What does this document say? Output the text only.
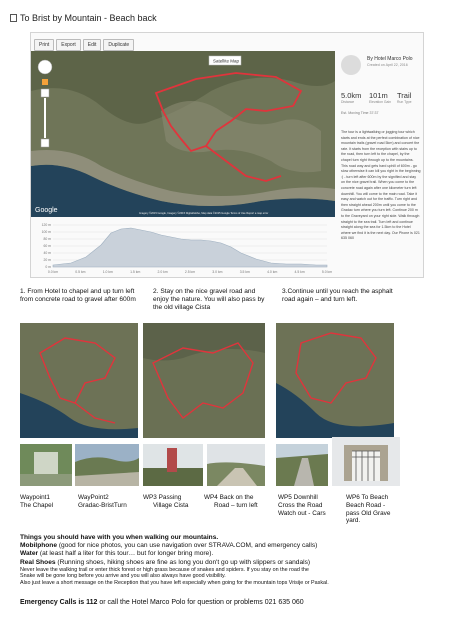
To Brist by Mountain - Beach back
Print	Export	Edit	Duplicate
Satellite Map
Google	Imagery ©2015 Google, Imagery ©2015 DigitalGlobe, Map data ©2015 Google Terms of Use Report a map error
By Hotel Marco Polo
Created on April 22, 2016
5.0km
Distance
101m
Elevation Gain
Trail
Run Type
Est. Moving Time 37:37
The tour is a lightwalking or jogging tour which starts and ends at the perfect combination of nice mountain trails (gravel road 5km) and concert the rate. It starts from the reception with stairs up to the road, then turn left to the chapel, by the chapel turn right through up to the mountains. This road way and gets hard uphill of 600m - go slow otherwise it can kill you right in the beginning :) - turn left after 600m by the signified and stay on the nice gravel trail. When you come to the concrete road again after one kilometer turn left downhill. You will come to the main road. Take it easy and watch out for the traffic. Turn right and then straight ahead 200m until you come to the Gradac turn where you turn left. Continue 200 m to the Graveyard on your right side. Walk through straight to the sea trail. Turn left and continue straight along the sea for 1.5km to the Hotel where we find it is the next day. Our Phone is 021 635 060
120 m
100 m
80 m
60 m
40 m
20 m
0 m
0.0 km	0.5 km	1.0 km	1.5 km	2.0 km	2.5 km	3.0 km	3.5 km	4.0 km	4.5 km	5.0 km
1. From Hotel to chapel and up turn left from concrete road to gravel after 600m
2. Stay on the nice gravel road and enjoy the nature. You will also pass by the old village Cista
3.Continue until you reach the asphalt road again – and turn left.
Waypoint1
The Chapel
WayPoint2
Gradac-BristTurn
WP3 Passing
Village Cista
WP4 Back on the
Road – turn left
WP5 Downhill
Cross the Road
Watch out - Cars
WP6 To Beach
Beach Road -
pass Old Grave
yard.
Things you should have with you when walking our mountains.
Mobilphone (good for nice photos, you can use navigation over STRAVA.COM, and emergency calls)
Water (at least half a liter for this tour… but for longer bring more).
Real Shoes (Running shoes, hiking shoes are fine as long you don't go up with slippers or sandals)
Never leave the walking trail or enter thick forest or high grass because of snakes and spiders. If you stay on the road the
Snake will be gone long before you arrive and you will also always have good visibility.
Also just leave a short message on the Reception that you have left especially when going for the mountain tops Vrisije or Paskal.
Emergency Calls is 112 or call the Hotel Marco Polo for question or problems 021 635 060
